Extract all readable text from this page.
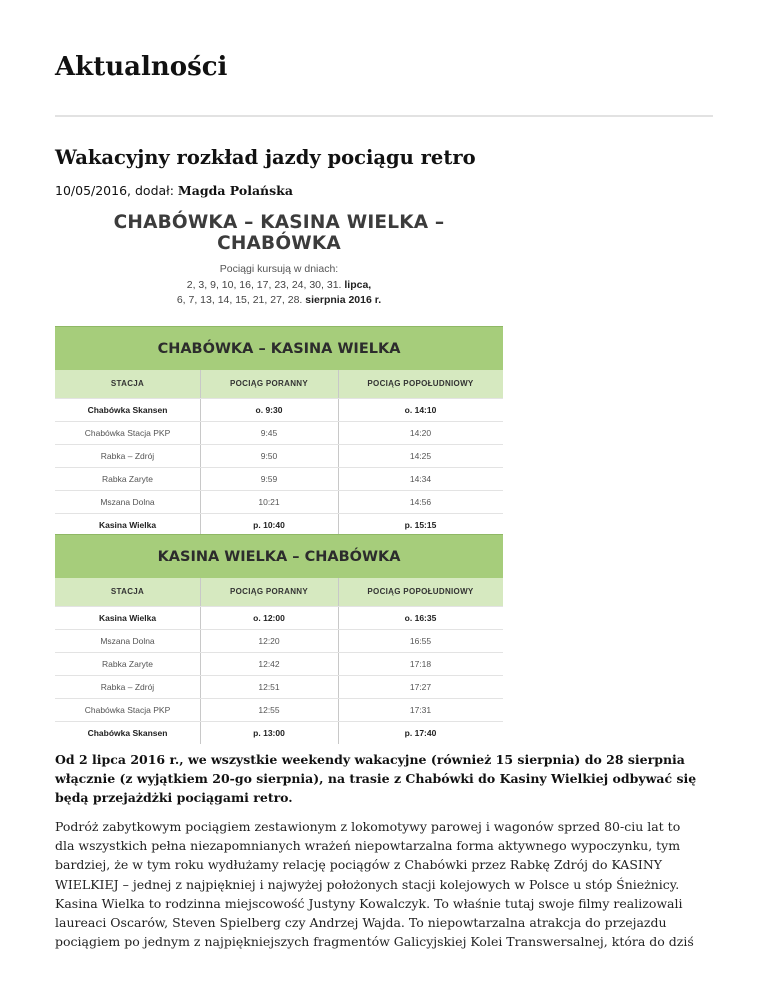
Aktualności
Wakacyjny rozkład jazdy pociągu retro
10/05/2016, dodał: Magda Polańska
CHABÓWKA – KASINA WIELKA – CHABÓWKA
Pociągi kursują w dniach:
2, 3, 9, 10, 16, 17, 23, 24, 30, 31. lipca,
6, 7, 13, 14, 15, 21, 27, 28. sierpnia 2016 r.
CHABÓWKA – KASINA WIELKA
STACJA	POCIĄG PORANNY	POCIĄG POPOŁUDNIOWY
Chabówka Skansen	o. 9:30	o. 14:10
Chabówka Stacja PKP	9:45	14:20
Rabka – Zdrój	9:50	14:25
Rabka Zaryte	9:59	14:34
Mszana Dolna	10:21	14:56
Kasina Wielka	p. 10:40	p. 15:15
KASINA WIELKA – CHABÓWKA
STACJA	POCIĄG PORANNY	POCIĄG POPOŁUDNIOWY
Kasina Wielka	o. 12:00	o. 16:35
Mszana Dolna	12:20	16:55
Rabka Zaryte	12:42	17:18
Rabka – Zdrój	12:51	17:27
Chabówka Stacja PKP	12:55	17:31
Chabówka Skansen	p. 13:00	p. 17:40

Od 2 lipca 2016 r., we wszystkie weekendy wakacyjne (również 15 sierpnia) do 28 sierpnia
włącznie (z wyjątkiem 20-go sierpnia), na trasie z Chabówki do Kasiny Wielkiej odbywać się
będą przejażdżki pociągami retro.

Podróż zabytkowym pociągiem zestawionym z lokomotywy parowej i wagonów sprzed 80-ciu lat to
dla wszystkich pełna niezapomnianych wrażeń niepowtarzalna forma aktywnego wypoczynku, tym
bardziej, że w tym roku wydłużamy relację pociągów z Chabówki przez Rabkę Zdrój do KASINY
WIELKIEJ – jednej z najpiękniej i najwyżej położonych stacji kolejowych w Polsce u stóp Śnieżnicy.
Kasina Wielka to rodzinna miejscowość Justyny Kowalczyk. To właśnie tutaj swoje filmy realizowali
laureaci Oscarów, Steven Spielberg czy Andrzej Wajda. To niepowtarzalna atrakcja do przejazdu
pociągiem po jednym z najpiękniejszych fragmentów Galicyjskiej Kolei Transwersalnej, która do dziś
